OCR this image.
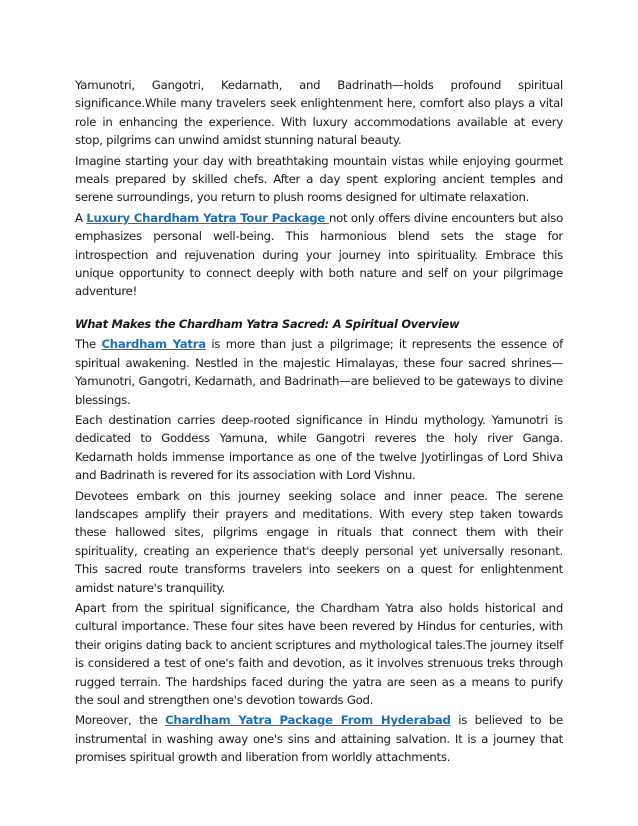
Yamunotri, Gangotri, Kedarnath, and Badrinath—holds profound spiritual significance.While many travelers seek enlightenment here, comfort also plays a vital role in enhancing the experience. With luxury accommodations available at every stop, pilgrims can unwind amidst stunning natural beauty.

Imagine starting your day with breathtaking mountain vistas while enjoying gourmet meals prepared by skilled chefs. After a day spent exploring ancient temples and serene surroundings, you return to plush rooms designed for ultimate relaxation.

A Luxury Chardham Yatra Tour Package not only offers divine encounters but also emphasizes personal well-being. This harmonious blend sets the stage for introspection and rejuvenation during your journey into spirituality. Embrace this unique opportunity to connect deeply with both nature and self on your pilgrimage adventure!

What Makes the Chardham Yatra Sacred: A Spiritual Overview

The Chardham Yatra is more than just a pilgrimage; it represents the essence of spiritual awakening. Nestled in the majestic Himalayas, these four sacred shrines—Yamunotri, Gangotri, Kedarnath, and Badrinath—are believed to be gateways to divine blessings.

Each destination carries deep-rooted significance in Hindu mythology. Yamunotri is dedicated to Goddess Yamuna, while Gangotri reveres the holy river Ganga. Kedarnath holds immense importance as one of the twelve Jyotirlingas of Lord Shiva and Badrinath is revered for its association with Lord Vishnu.

Devotees embark on this journey seeking solace and inner peace. The serene landscapes amplify their prayers and meditations. With every step taken towards these hallowed sites, pilgrims engage in rituals that connect them with their spirituality, creating an experience that's deeply personal yet universally resonant. This sacred route transforms travelers into seekers on a quest for enlightenment amidst nature's tranquility.

Apart from the spiritual significance, the Chardham Yatra also holds historical and cultural importance. These four sites have been revered by Hindus for centuries, with their origins dating back to ancient scriptures and mythological tales.The journey itself is considered a test of one's faith and devotion, as it involves strenuous treks through rugged terrain. The hardships faced during the yatra are seen as a means to purify the soul and strengthen one's devotion towards God.

Moreover, the Chardham Yatra Package From Hyderabad is believed to be instrumental in washing away one's sins and attaining salvation. It is a journey that promises spiritual growth and liberation from worldly attachments.
